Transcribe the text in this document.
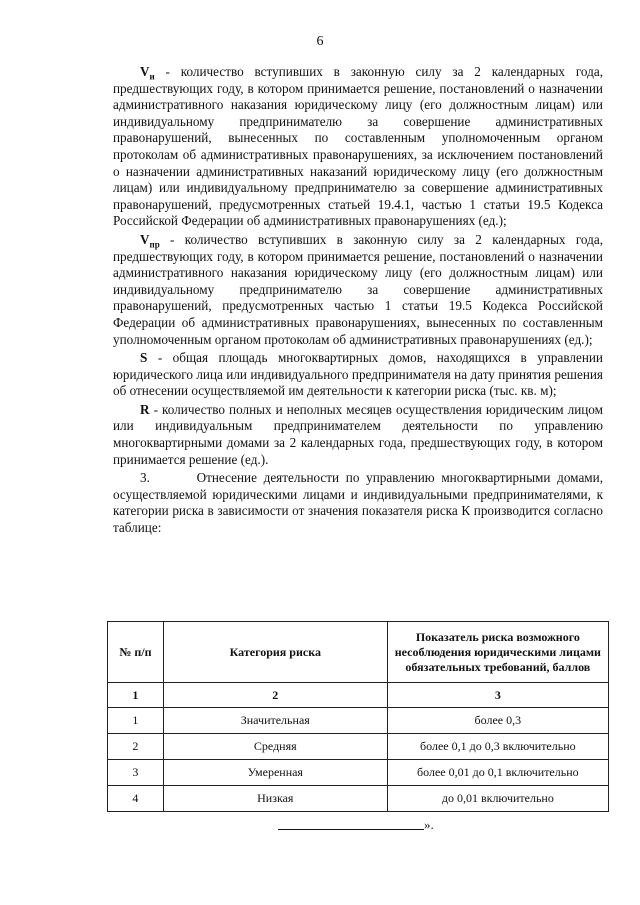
6

$V_и$ - количество вступивших в законную силу за 2 календарных года, предшествующих году, в котором принимается решение, постановлений о назначении административного наказания юридическому лицу (его должностным лицам) или индивидуальному предпринимателю за совершение административных правонарушений, вынесенных по составленным уполномоченным органом протоколам об административных правонарушениях, за исключением постановлений о назначении административных наказаний юридическому лицу (его должностным лицам) или индивидуальному предпринимателю за совершение административных правонарушений, предусмотренных статьей 19.4.1, частью 1 статьи 19.5 Кодекса Российской Федерации об административных правонарушениях (ед.);

$V_{пр}$ - количество вступивших в законную силу за 2 календарных года, предшествующих году, в котором принимается решение, постановлений о назначении административного наказания юридическому лицу (его должностным лицам) или индивидуальному предпринимателю за совершение административных правонарушений, предусмотренных частью 1 статьи 19.5 Кодекса Российской Федерации об административных правонарушениях, вынесенных по составленным уполномоченным органом протоколам об административных правонарушениях (ед.);

S - общая площадь многоквартирных домов, находящихся в управлении юридического лица или индивидуального предпринимателя на дату принятия решения об отнесении осуществляемой им деятельности к категории риска (тыс. кв. м);

R - количество полных и неполных месяцев осуществления юридическим лицом или индивидуальным предпринимателем деятельности по управлению многоквартирными домами за 2 календарных года, предшествующих году, в котором принимается решение (ед.).

3.       Отнесение деятельности по управлению многоквартирными домами, осуществляемой юридическими лицами и индивидуальными предпринимателями, к категории риска в зависимости от значения показателя риска К производится согласно таблице:

№ п/п	Категория риска	Показатель риска возможного несоблюдения юридическими лицами обязательных требований, баллов
1	2	3
1	Значительная	более 0,3
2	Средняя	более 0,1 до 0,3 включительно
3	Умеренная	более 0,01 до 0,1 включительно
4	Низкая	до 0,01 включительно
».
